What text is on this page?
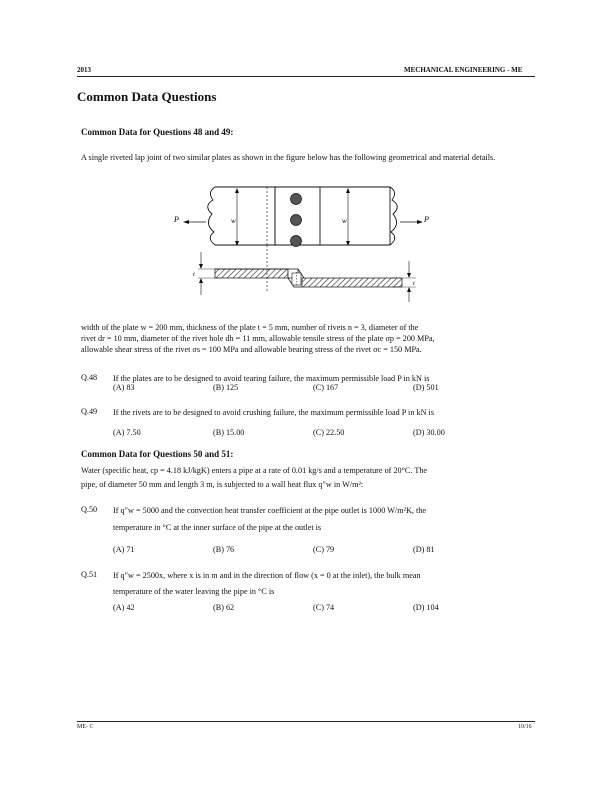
2013	MECHANICAL ENGINEERING - ME
Common Data Questions
Common Data for Questions 48 and 49:
A single riveted lap joint of two similar plates as shown in the figure below has the following geometrical and material details.
w	w
P	P
t
t
width of the plate w = 200 mm, thickness of the plate t = 5 mm, number of rivets n = 3, diameter of the
rivet dr = 10 mm, diameter of the rivet hole dh = 11 mm, allowable tensile stress of the plate σp = 200 MPa,
allowable shear stress of the rivet σs = 100 MPa and allowable bearing stress of the rivet σc = 150 MPa.
Q.48 If the plates are to be designed to avoid tearing failure, the maximum permissible load P in kN is
(A) 83	(B) 125	(C) 167	(D) 501
Q.49 If the rivets are to be designed to avoid crushing failure, the maximum permissible load P in kN is
(A) 7.50	(B) 15.00	(C) 22.50	(D) 30.00
Common Data for Questions 50 and 51:
Water (specific heat, cp = 4.18 kJ/kgK) enters a pipe at a rate of 0.01 kg/s and a temperature of 20°C. The
pipe, of diameter 50 mm and length 3 m, is subjected to a wall heat flux q″w in W/m²:
Q.50 If q″w = 5000 and the convection heat transfer coefficient at the pipe outlet is 1000 W/m²K, the
temperature in °C at the inner surface of the pipe at the outlet is
(A) 71	(B) 76	(C) 79	(D) 81
Q.51 If q″w = 2500x, where x is in m and in the direction of flow (x = 0 at the inlet), the bulk mean
temperature of the water leaving the pipe in °C is
(A) 42	(B) 62	(C) 74	(D) 104
ME- C	10/16
